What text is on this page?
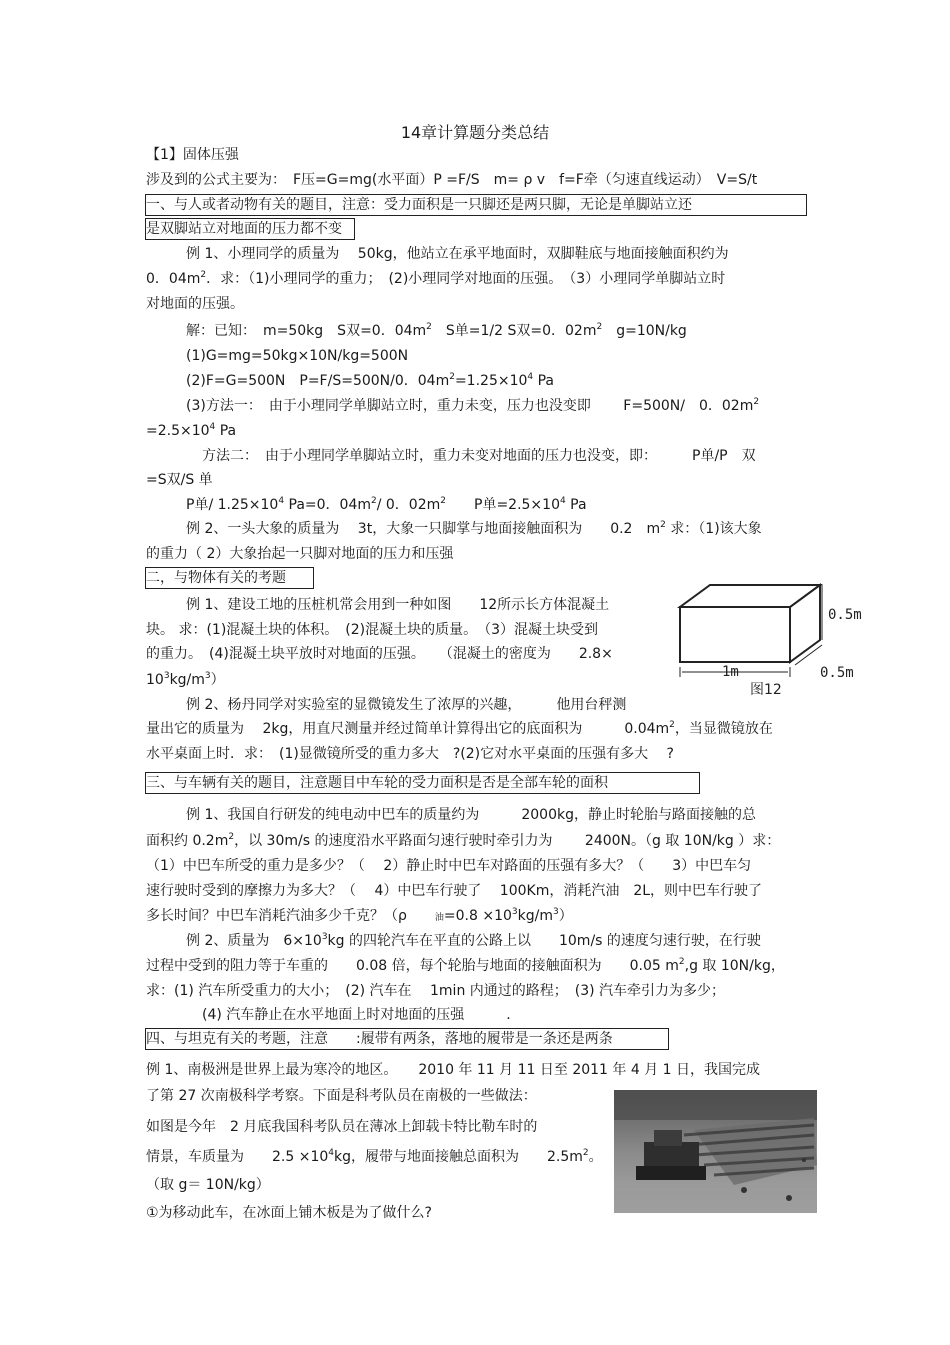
14章计算题分类总结
【1】固体压强
涉及到的公式主要为：　F压=G=mg(水平面）P =F/S　m= ρ v　f=F牵（匀速直线运动）　V=S/t
一、与人或者动物有关的题目，注意：受力面积是一只脚还是两只脚，无论是单脚站立还
是双脚站立对地面的压力都不变
例 1、小理同学的质量为　 50kg，他站立在承平地面时，双脚鞋底与地面接触面积约为
0．$04m^2$．求：（1)小理同学的重力；　(2)小理同学对地面的压强。　（3）小理同学单脚站立时
对地面的压强。
解：已知：　m=50kg　S双=0．$04m^2$　S单=1/2 S双=0．$02m^2$　g=10N/kg
(1)G=mg=50kg×10N/kg=500N
(2)F=G=500N　P=F/S=500N/0．$04m^2=1.25\times 10^4$ Pa
(3)方法一：　由于小理同学单脚站立时，重力未变，压力也没变即　　 F=500N/　0．$02m^2$
$=2.5\times 10^4$ Pa
方法二：　由于小理同学单脚站立时，重力未变对地面的压力也没变，即：　　　P单/P　双
=S双/S 单
P单/ $1.25\times 10^4$ Pa=0．$04m^2/$ 0．$02m^2$　　P单$=2.5\times 10^4$ Pa
例 2、一头大象的质量为　 3t，大象一只脚掌与地面接触面积为　　0.2　$m^2$ 求：（1)该大象
的重力（ 2）大象抬起一只脚对地面的压力和压强
二，与物体有关的考题
例 1、建设工地的压桩机常会用到一种如图　　12所示长方体混凝土
块。 求：(1)混凝土块的体积。　(2)混凝土块的质量。　（3）混凝土块受到
的重力。　(4)混凝土块平放时对地面的压强。　　（混凝土的密度为　　2.8×
$10^3kg/m^3$）
0.5m
1m	0.5m
图12
例 2、杨丹同学对实验室的显微镜发生了浓厚的兴趣，　　　他用台秤测
量出它的质量为　 2kg，用直尺测量并经过简单计算得出它的底面积为　　　$0.04m^2$，当显微镜放在
水平桌面上时．求：　(1)显微镜所受的重力多大　?(2)它对水平桌面的压强有多大　 ?
三、与车辆有关的题目，注意题目中车轮的受力面积是否是全部车轮的面积
例 1、我国自行研发的纯电动中巴车的质量约为　　　2000kg，静止时轮胎与路面接触的总
面积约 $0.2m^2$，以 30m/s 的速度沿水平路面匀速行驶时牵引力为　　 2400N。（g 取 10N/kg ）求：
（1）中巴车所受的重力是多少？（　 2）静止时中巴车对路面的压强有多大？（　　3）中巴车匀
速行驶时受到的摩擦力为多大？（　 4）中巴车行驶了　 100Km，消耗汽油　2L，则中巴车行驶了
多长时间？中巴车消耗汽油多少千克？（ρ　　油$=0.8 \times 10^3kg/m^3$）
例 2、质量为　$6\times 10^3kg$ 的四轮汽车在平直的公路上以　　10m/s 的速度匀速行驶，在行驶
过程中受到的阻力等于车重的　　0.08 倍，每个轮胎与地面的接触面积为　　0.05 $m^2,g$ 取 10N/kg，
求：(1) 汽车所受重力的大小；　(2) 汽车在　 1min 内通过的路程；　(3) 汽车牵引力为多少；
(4) 汽车静止在水平地面上时对地面的压强　　　.
四、与坦克有关的考题，注意　　:履带有两条，落地的履带是一条还是两条
例 1、南极洲是世界上最为寒冷的地区。　　2010 年 11 月 11 日至 2011 年 4 月 1 日，我国完成
了第 27 次南极科学考察。下面是科考队员在南极的一些做法：
如图是今年　2 月底我国科考队员在薄冰上卸载卡特比勒车时的
情景，车质量为　　$2.5 \times 10^4kg$，履带与地面接触总面积为　　$2.5m^2$。
（取 g＝ 10N/kg）
①为移动此车，在冰面上铺木板是为了做什么?
